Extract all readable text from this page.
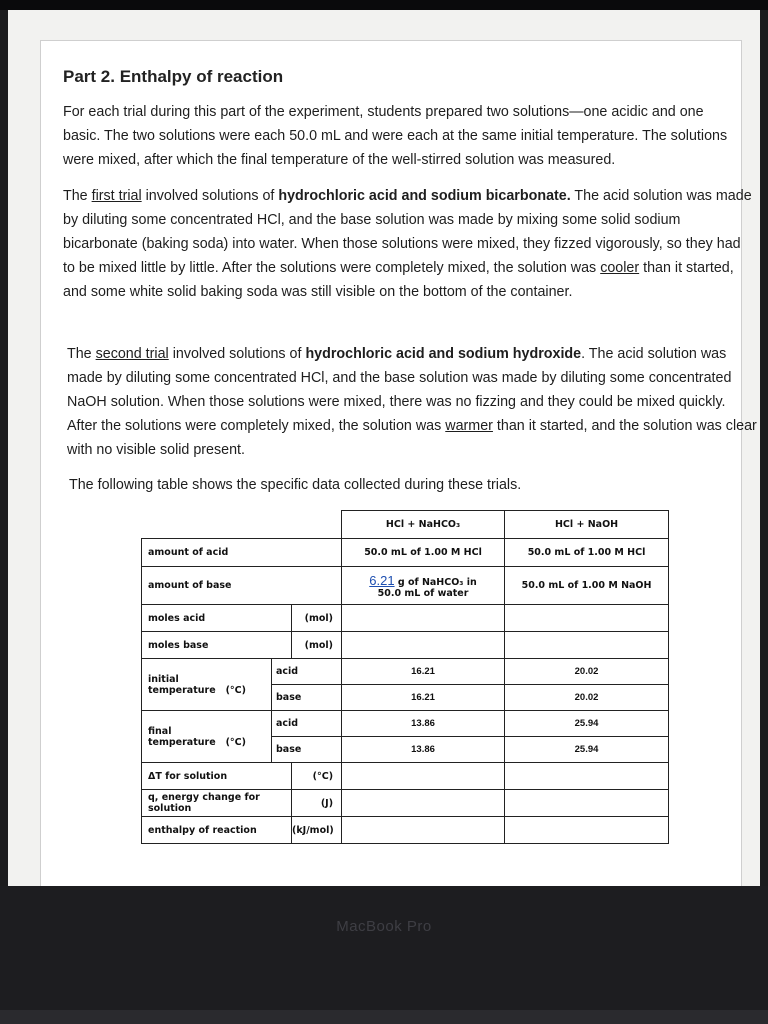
Part 2. Enthalpy of reaction

For each trial during this part of the experiment, students prepared two solutions—one acidic and one basic. The two solutions were each 50.0 mL and were each at the same initial temperature. The solutions were mixed, after which the final temperature of the well-stirred solution was measured.

The first trial involved solutions of hydrochloric acid and sodium bicarbonate. The acid solution was made by diluting some concentrated HCl, and the base solution was made by mixing some solid sodium bicarbonate (baking soda) into water. When those solutions were mixed, they fizzed vigorously, so they had to be mixed little by little. After the solutions were completely mixed, the solution was cooler than it started, and some white solid baking soda was still visible on the bottom of the container.

The second trial involved solutions of hydrochloric acid and sodium hydroxide. The acid solution was made by diluting some concentrated HCl, and the base solution was made by diluting some concentrated NaOH solution. When those solutions were mixed, there was no fizzing and they could be mixed quickly. After the solutions were completely mixed, the solution was warmer than it started, and the solution was clear with no visible solid present.

The following table shows the specific data collected during these trials.

			HCl + NaHCO₃	HCl + NaOH
amount of acid			50.0 mL of 1.00 M HCl	50.0 mL of 1.00 M HCl
amount of base			6.21 g of NaHCO₃ in
50.0 mL of water	50.0 mL of 1.00 M NaOH
moles acid		(mol)		
moles base		(mol)		
initial temperature (°C)	acid		16.21	20.02
	base		16.21	20.02
final temperature (°C)	acid		13.86	25.94
	base		13.86	25.94
ΔT for solution		(°C)		
q, energy change for solution		(J)		
enthalpy of reaction		(kJ/mol)		
MacBook Pro
